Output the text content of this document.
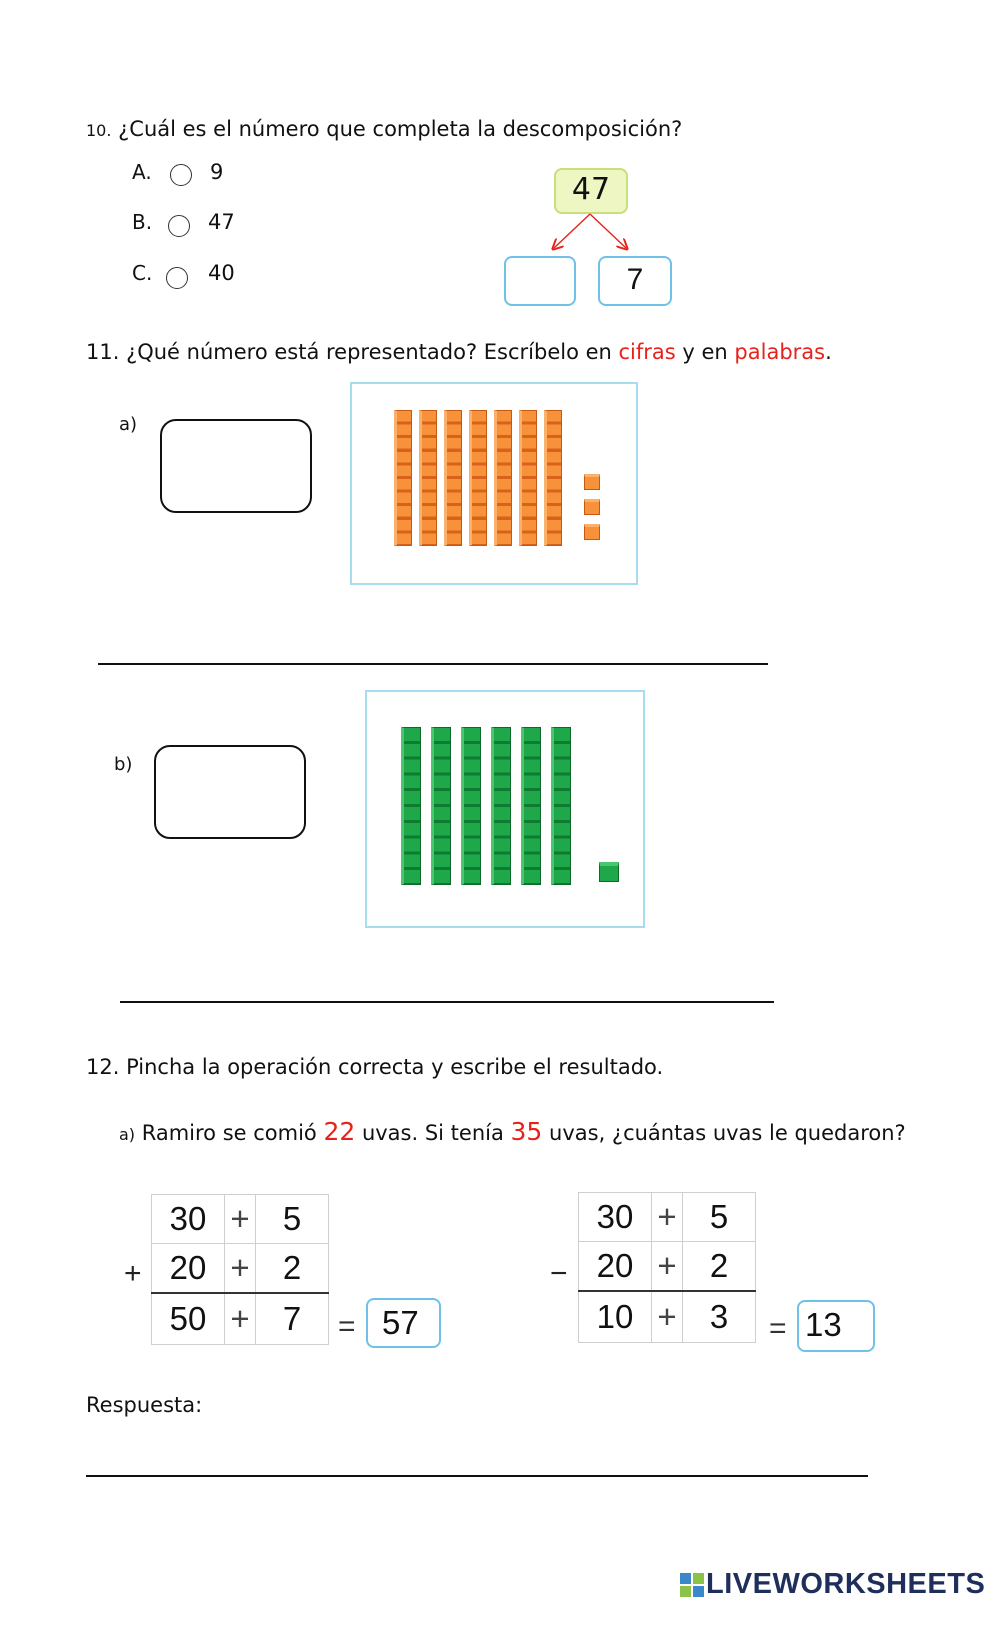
10. ¿Cuál es el número que completa la descomposición?
A.	9
B.	47
C.	40
47
7
11. ¿Qué número está representado? Escríbelo en cifras y en palabras.
a)
b)
12. Pincha la operación correcta y escribe el resultado.
a) Ramiro se comió 22 uvas. Si tenía 35 uvas, ¿cuántas uvas le quedaron?
+
30	+	5
20	+	2
50	+	7 = 57
−
30	+	5
20	+	2
10	+	3 = 13
Respuesta:
LIVEWORKSHEETS
